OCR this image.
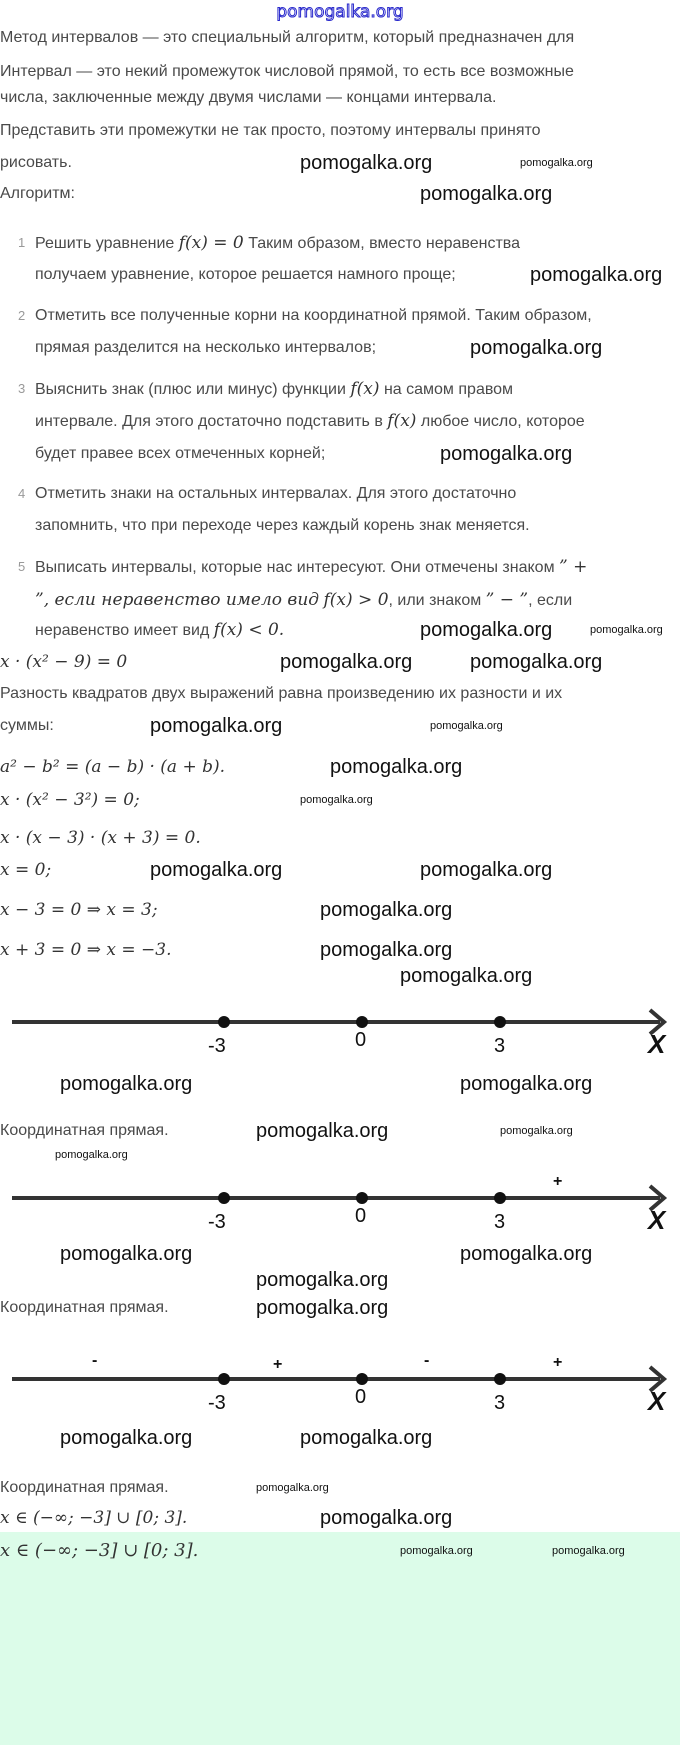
pomogalka.org
Метод интервалов — это специальный алгоритм, который предназначен для
Интервал — это некий промежуток числовой прямой, то есть все возможные
числа, заключенные между двумя числами — концами интервала.
Представить эти промежутки не так просто, поэтому интервалы принято
рисовать.
Алгоритм:
1 Решить уравнение f(x) = 0 Таким образом, вместо неравенства
получаем уравнение, которое решается намного проще;
2 Отметить все полученные корни на координатной прямой. Таким образом,
прямая разделится на несколько интервалов;
3 Выяснить знак (плюс или минус) функции f(x) на самом правом
интервале. Для этого достаточно подставить в f(x) любое число, которое
будет правее всех отмеченных корней;
4 Отметить знаки на остальных интервалах. Для этого достаточно
запомнить, что при переходе через каждый корень знак меняется.
5 Выписать интервалы, которые нас интересуют. Они отмечены знаком ” +
”, если неравенство имело вид f(x) > 0, или знаком ” − ”, если
неравенство имеет вид f(x) < 0.
x · (x² − 9) = 0
Разность квадратов двух выражений равна произведению их разности и их
суммы:
a² − b² = (a − b) · (a + b).
x · (x² − 3²) = 0;
x · (x − 3) · (x + 3) = 0.
x = 0;
x − 3 = 0 ⇒ x = 3;
x + 3 = 0 ⇒ x = −3.
-3	0	3	X
Координатная прямая.
+
-3	0	3	X
Координатная прямая.
-	+	-	+
-3	0	3	X
Координатная прямая.
x ∈ (−∞; −3] ∪ [0; 3].
x ∈ (−∞; −3] ∪ [0; 3].
pomogalka.org	pomogalka.org
pomogalka.org
pomogalka.org
pomogalka.org
pomogalka.org
pomogalka.org	pomogalka.org
pomogalka.org	pomogalka.org
pomogalka.org	pomogalka.org
pomogalka.org
pomogalka.org
pomogalka.org	pomogalka.org
pomogalka.org
pomogalka.org
pomogalka.org
pomogalka.org	pomogalka.org
pomogalka.org	pomogalka.org
pomogalka.org
pomogalka.org	pomogalka.org
pomogalka.org
pomogalka.org
pomogalka.org	pomogalka.org
pomogalka.org
pomogalka.org
pomogalka.org	pomogalka.org
